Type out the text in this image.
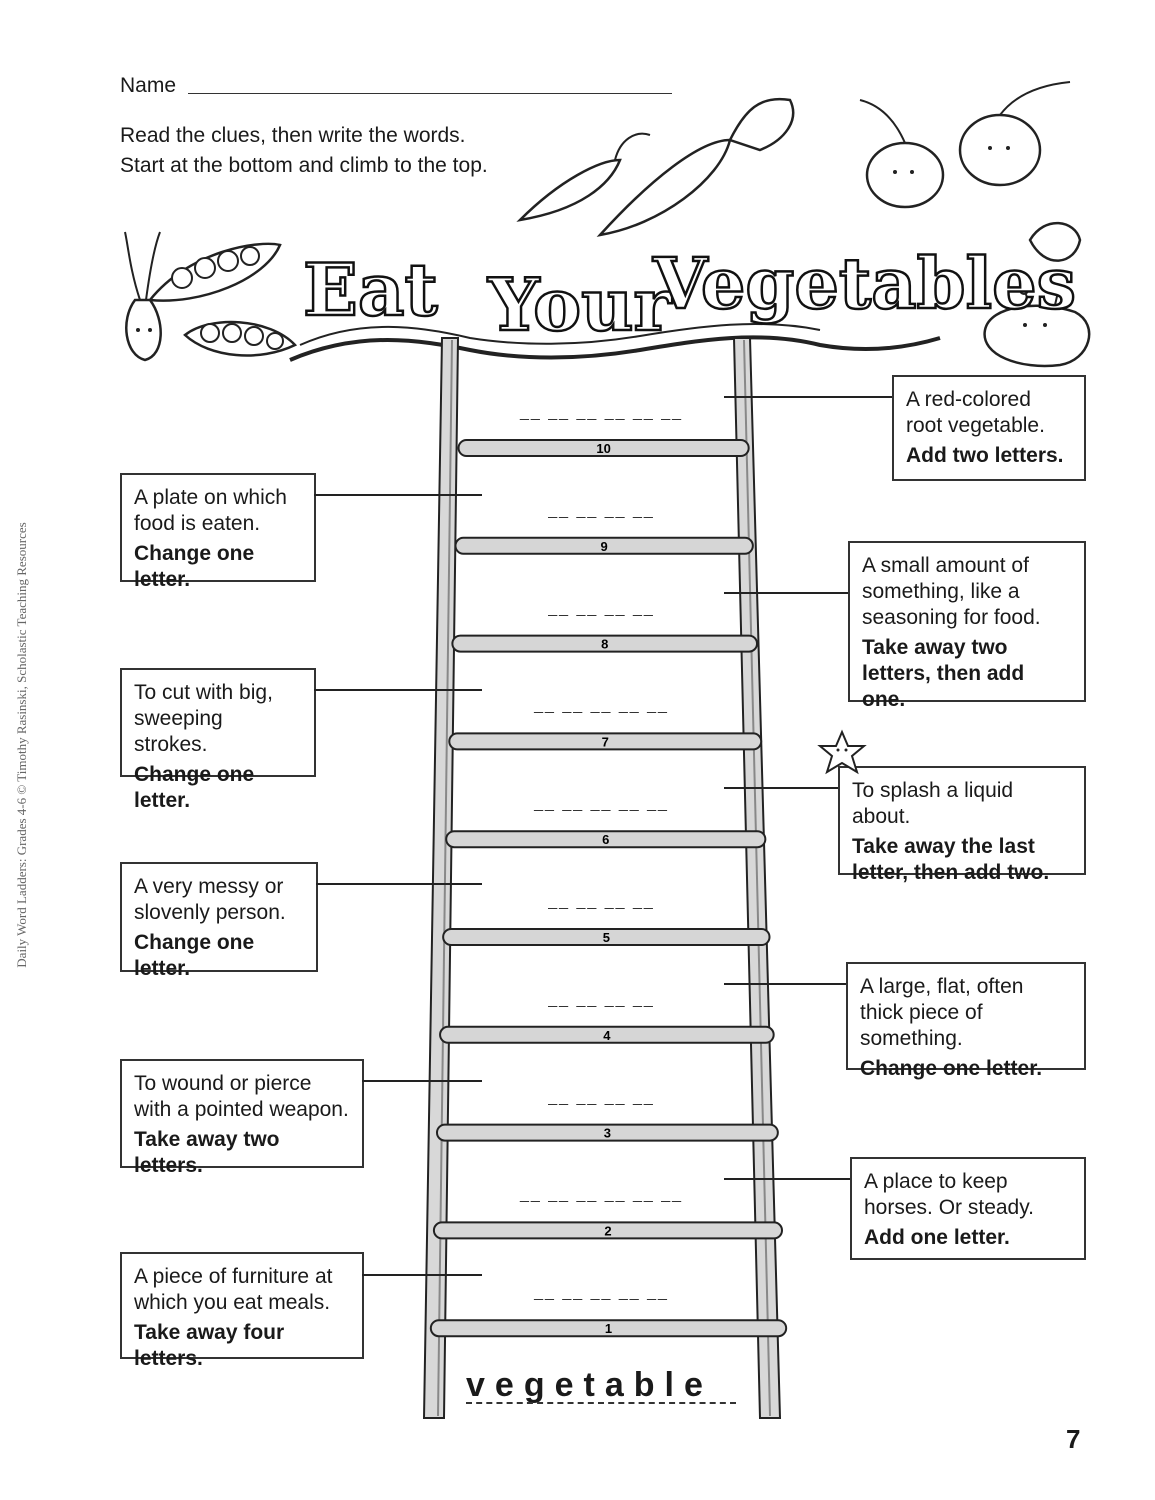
Name
Read the clues, then write the words.
Start at the bottom and climb to the top.
Daily Word Ladders: Grades 4-6 © Timothy Rasinski, Scholastic Teaching Resources
Eat Your
Vegetables
10
9
8
7
6
5
4
3
2
1
__ __ __ __ __ __
__ __ __ __
__ __ __ __
__ __ __ __ __
__ __ __ __ __
__ __ __ __
__ __ __ __
__ __ __ __
__ __ __ __ __ __
__ __ __ __ __
A red-colored root vegetable.
Add two letters.
A small amount of something, like a seasoning for food.
Take away two letters, then add one.
To splash a liquid about.
Take away the last letter, then add two.
A large, flat, often thick piece of something.
Change one letter.
A place to keep horses. Or steady.
Add one letter.
A plate on which food is eaten.
Change one letter.
To cut with big, sweeping strokes.
Change one letter.
A very messy or slovenly person.
Change one letter.
To wound or pierce with a pointed weapon.
Take away two letters.
A piece of furniture at which you eat meals.
Take away four letters.
vegetable
7
